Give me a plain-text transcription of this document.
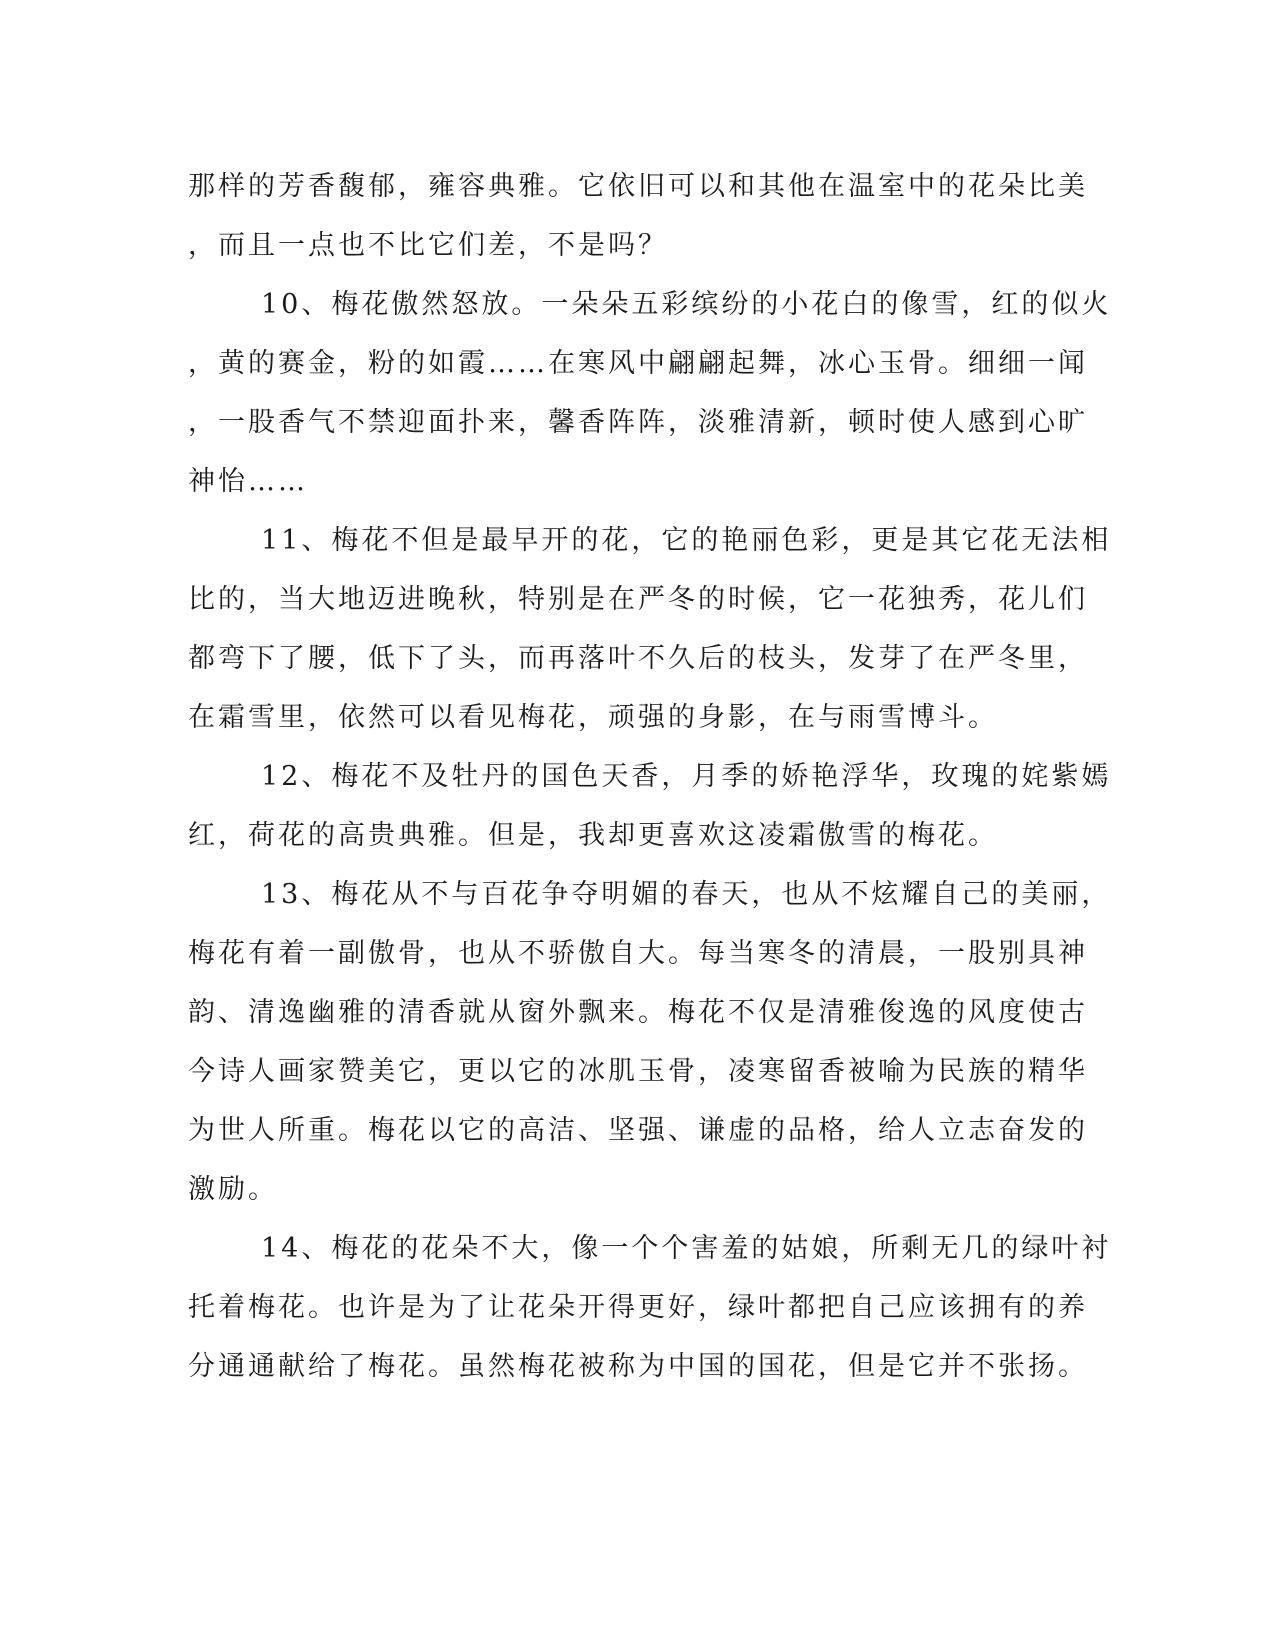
那样的芳香馥郁，雍容典雅。它依旧可以和其他在温室中的花朵比美
，而且一点也不比它们差，不是吗？
10、梅花傲然怒放。一朵朵五彩缤纷的小花白的像雪，红的似火
，黄的赛金，粉的如霞……在寒风中翩翩起舞，冰心玉骨。细细一闻
，一股香气不禁迎面扑来，馨香阵阵，淡雅清新，顿时使人感到心旷
神怡……
11、梅花不但是最早开的花，它的艳丽色彩，更是其它花无法相
比的，当大地迈进晚秋，特别是在严冬的时候，它一花独秀，花儿们
都弯下了腰，低下了头，而再落叶不久后的枝头，发芽了在严冬里，
在霜雪里，依然可以看见梅花，顽强的身影，在与雨雪博斗。
12、梅花不及牡丹的国色天香，月季的娇艳浮华，玫瑰的姹紫嫣
红，荷花的高贵典雅。但是，我却更喜欢这凌霜傲雪的梅花。
13、梅花从不与百花争夺明媚的春天，也从不炫耀自己的美丽，
梅花有着一副傲骨，也从不骄傲自大。每当寒冬的清晨，一股别具神
韵、清逸幽雅的清香就从窗外飘来。梅花不仅是清雅俊逸的风度使古
今诗人画家赞美它，更以它的冰肌玉骨，凌寒留香被喻为民族的精华
为世人所重。梅花以它的高洁、坚强、谦虚的品格，给人立志奋发的
激励。
14、梅花的花朵不大，像一个个害羞的姑娘，所剩无几的绿叶衬
托着梅花。也许是为了让花朵开得更好，绿叶都把自己应该拥有的养
分通通献给了梅花。虽然梅花被称为中国的国花，但是它并不张扬。
